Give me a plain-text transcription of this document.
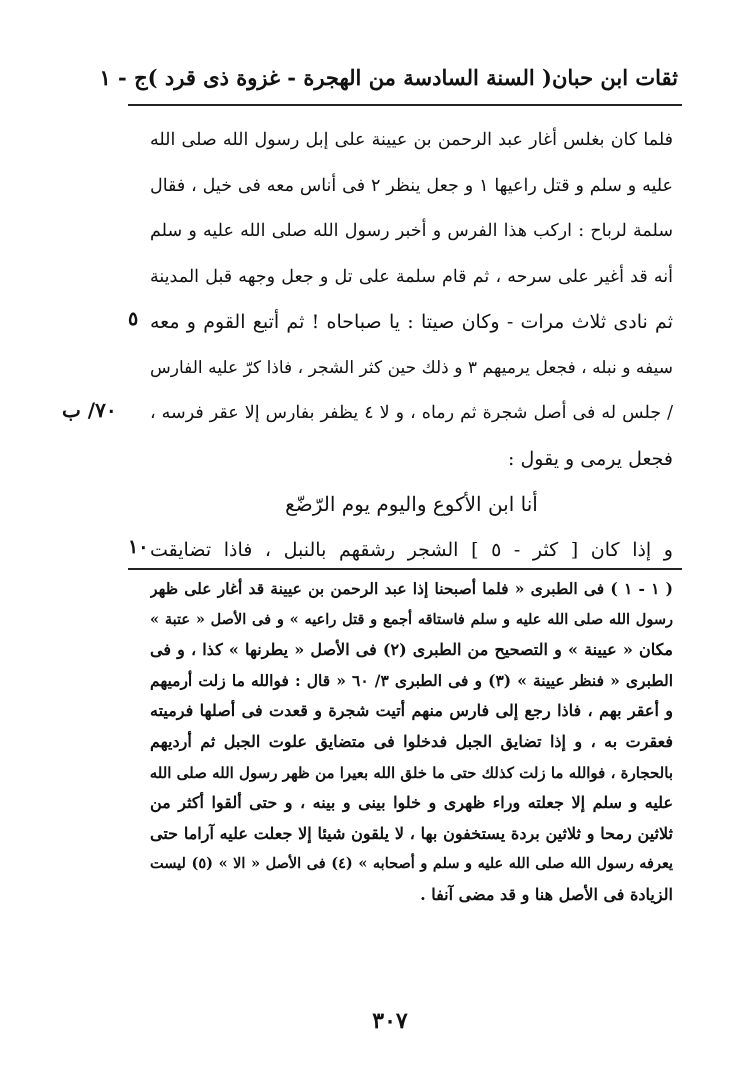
ثقات ابن حبان
( السنة السادسة من الهجرة - غزوة ذى قرد )
ج - ١
ٰفلما كان بغلس أغار عبد الرحمن بن عيينة على إبل رسول الله صلى الله
عليه و سلم و قتل راعيها ١ و جعل ينظر ٢ فى أناس معه فى خيل ، فقال
سلمة لرباح : اركب هذا الفرس و أخبر رسول الله صلى الله عليه و سلم
أنه قد أغير على سرحه ، ثم قام سلمة على تل و جعل وجهه قبل المدينة
ثم نادى ثلاث مرات - وكان صيتا : يا صباحاه ! ثم أتبع القوم و معه
سيفه و نبله ، فجعل يرميهم ٣ و ذلك حين كثر الشجر ، فاذا كرّ عليه الفارس
/ جلس له فى أصل شجرة ثم رماه ، و لا ٤ يظفر بفارس إلا عقر فرسه ،
فجعل يرمى و يقول :
أنا ابن الأكوع والیوم یوم الرّضّع
و إذا كان [ كثر - ٥ ] الشجر رشقهم بالنبل ، فاذا تضايقت
٥
١٠
٧٠/ ب
( ١ - ١ ) فى الطبرى « فلما أصبحنا إذا عبد الرحمن بن عيينة قد أغار على ظهر
رسول الله صلى الله عليه و سلم فاستاقه أجمع و قتل راعيه » و فى الأصل « عتبة »
مكان « عيينة » و التصحيح من الطبرى (٢) فى الأصل « يطرنها » كذا ، و فى
الطبرى « فنظر عيينة » (٣) و فى الطبرى ٣/ ٦٠ « قال : فوالله ما زلت أرميهم
و أعقر بهم ، فاذا رجع إلى فارس منهم أتيت شجرة و قعدت فى أصلها فرميته
فعقرت به ، و إذا تضايق الجبل فدخلوا فى متضايق علوت الجبل ثم أرديهم
بالحجارة ، فوالله ما زلت كذلك حتى ما خلق الله بعيرا من ظهر رسول الله صلى الله
عليه و سلم إلا جعلته وراء ظهرى و خلوا بينى و بينه ، و حتى ألقوا أكثر من
ثلاثين رمحا و ثلاثين بردة يستخفون بها ، لا يلقون شيئا إلا جعلت عليه آراما حتى
يعرفه رسول الله صلى الله عليه و سلم و أصحابه » (٤) فى الأصل « الا » (٥) ليست
الزيادة فى الأصل هنا و قد مضى آنفا .
٣٠٧
